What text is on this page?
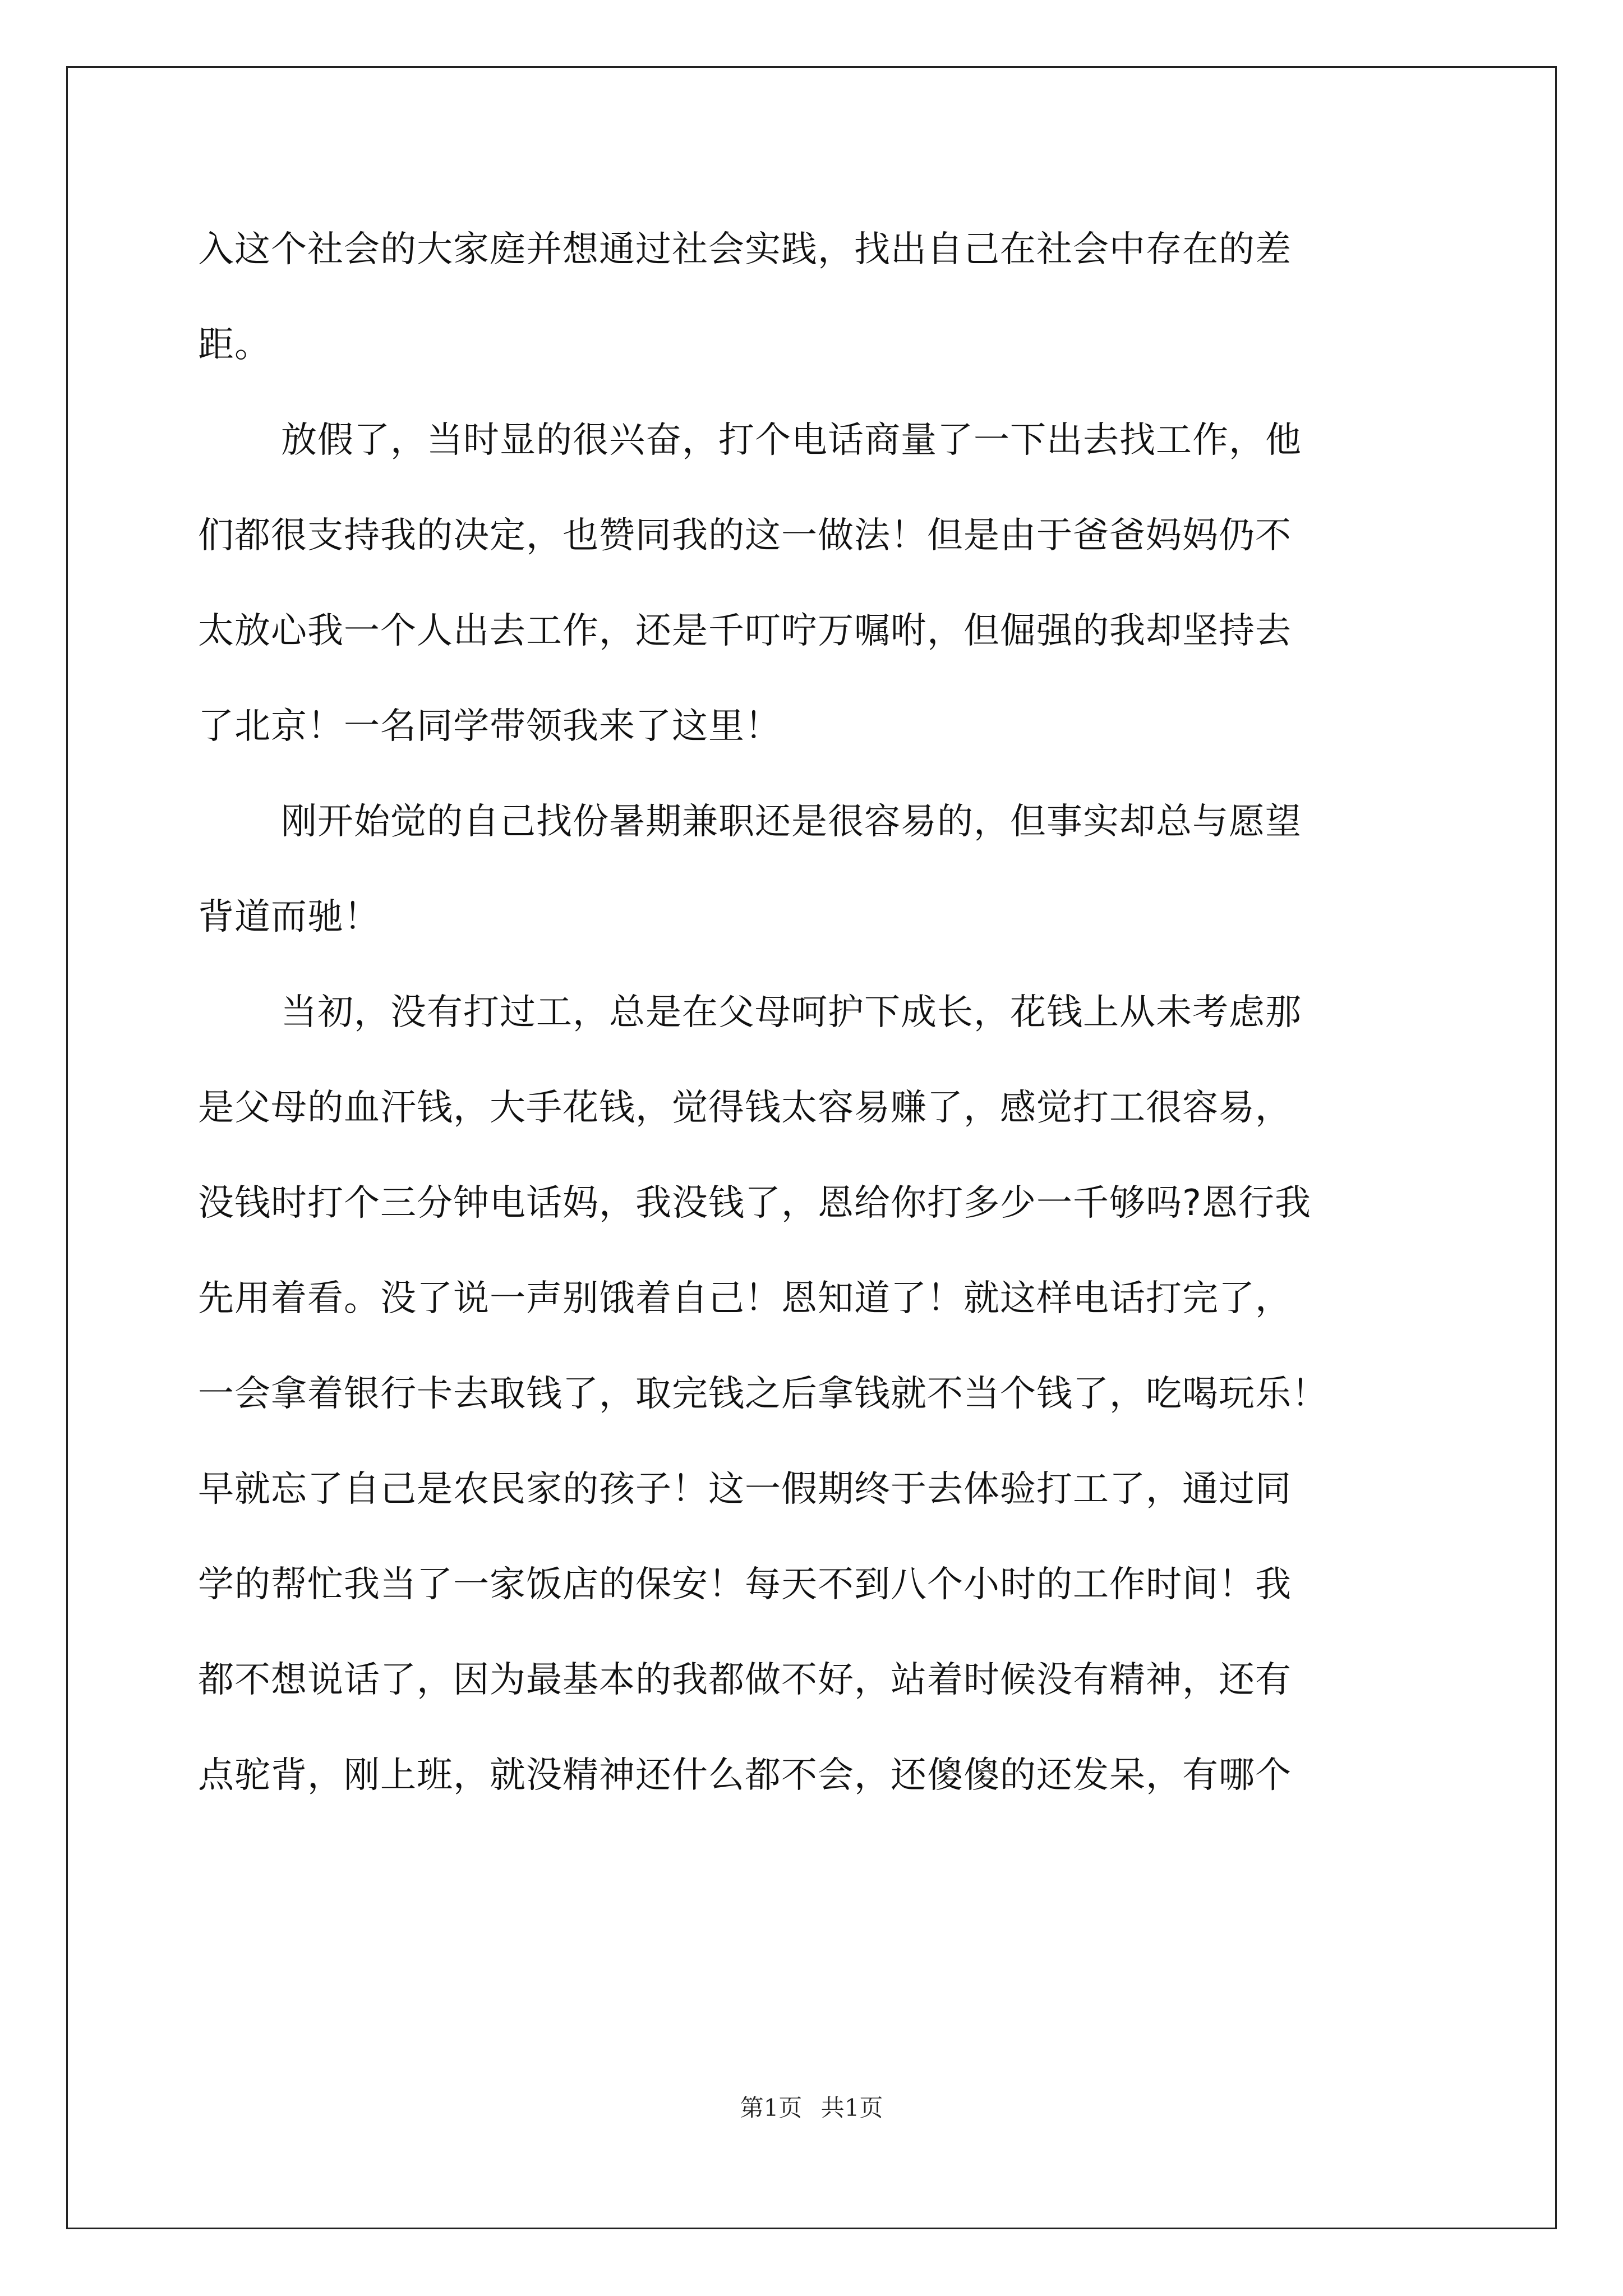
入这个社会的大家庭并想通过社会实践，找出自己在社会中存在的差
距。
放假了，当时显的很兴奋，打个电话商量了一下出去找工作，他
们都很支持我的决定，也赞同我的这一做法！但是由于爸爸妈妈仍不
太放心我一个人出去工作，还是千叮咛万嘱咐，但倔强的我却坚持去
了北京！一名同学带领我来了这里！
刚开始觉的自己找份暑期兼职还是很容易的，但事实却总与愿望
背道而驰！
当初，没有打过工，总是在父母呵护下成长，花钱上从未考虑那
是父母的血汗钱，大手花钱，觉得钱太容易赚了，感觉打工很容易，
没钱时打个三分钟电话妈，我没钱了，恩给你打多少一千够吗?恩行我
先用着看。没了说一声别饿着自己！恩知道了！就这样电话打完了，
一会拿着银行卡去取钱了，取完钱之后拿钱就不当个钱了，吃喝玩乐！
早就忘了自己是农民家的孩子！这一假期终于去体验打工了，通过同
学的帮忙我当了一家饭店的保安！每天不到八个小时的工作时间！我
都不想说话了，因为最基本的我都做不好，站着时候没有精神，还有
点驼背，刚上班，就没精神还什么都不会，还傻傻的还发呆，有哪个
第1页 共1页
